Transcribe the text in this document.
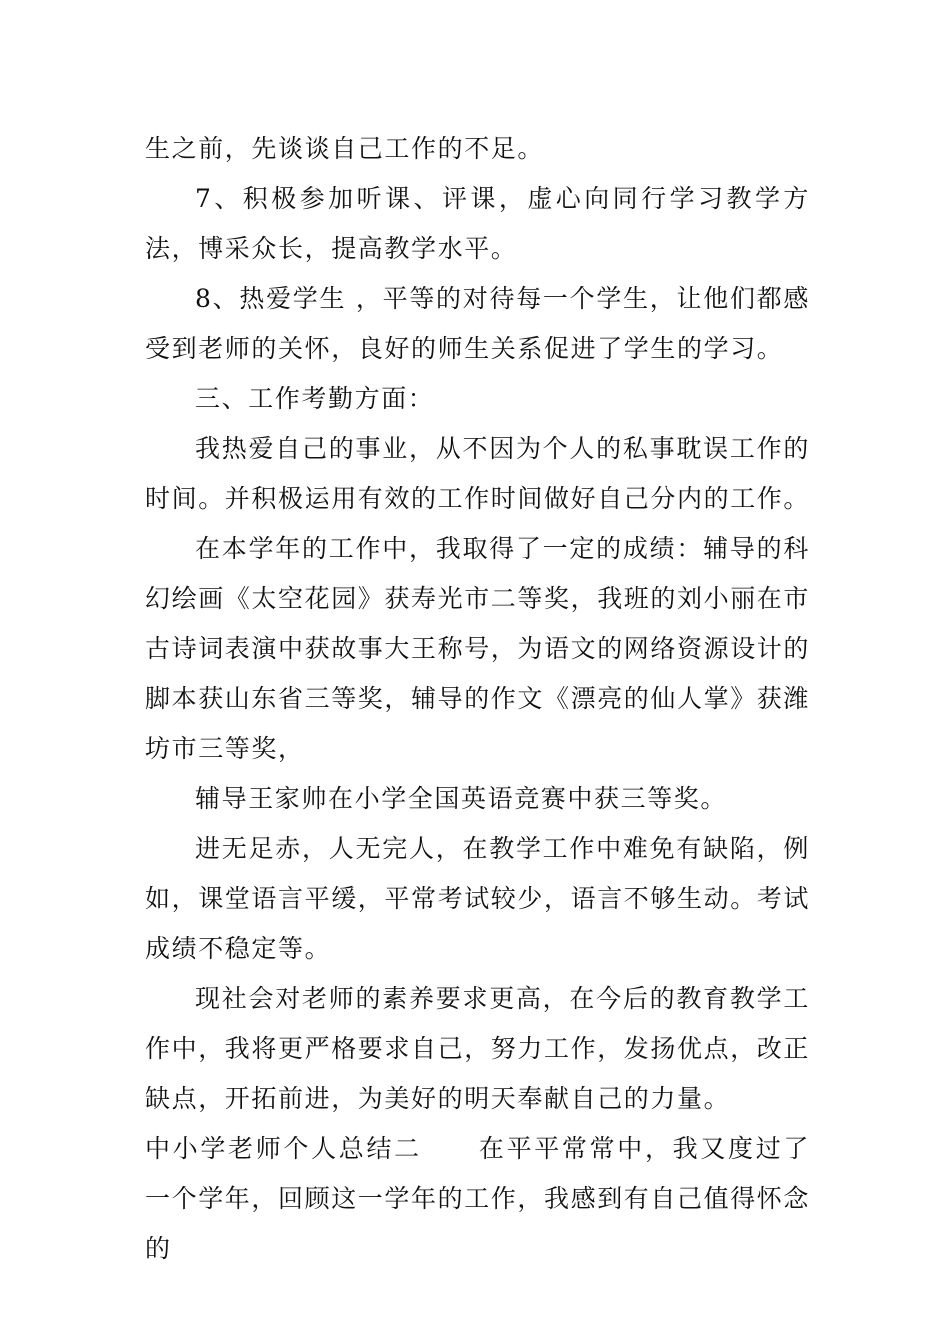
生之前，先谈谈自己工作的不足。

7、积极参加听课、评课，虚心向同行学习教学方法，博采众长，提高教学水平。

8、热爱学生 ，平等的对待每一个学生，让他们都感受到老师的关怀，良好的师生关系促进了学生的学习。

三、工作考勤方面：

我热爱自己的事业，从不因为个人的私事耽误工作的时间。并积极运用有效的工作时间做好自己分内的工作。

在本学年的工作中，我取得了一定的成绩：辅导的科幻绘画《太空花园》获寿光市二等奖，我班的刘小丽在市古诗词表演中获故事大王称号，为语文的网络资源设计的脚本获山东省三等奖，辅导的作文《漂亮的仙人掌》获潍坊市三等奖，

辅导王家帅在小学全国英语竞赛中获三等奖。

进无足赤，人无完人，在教学工作中难免有缺陷，例如，课堂语言平缓，平常考试较少，语言不够生动。考试成绩不稳定等。

现社会对老师的素养要求更高，在今后的教育教学工作中，我将更严格要求自己，努力工作，发扬优点，改正缺点，开拓前进，为美好的明天奉献自己的力量。

中小学老师个人总结二 在平平常常中，我又度过了一个学年，回顾这一学年的工作，我感到有自己值得怀念的
